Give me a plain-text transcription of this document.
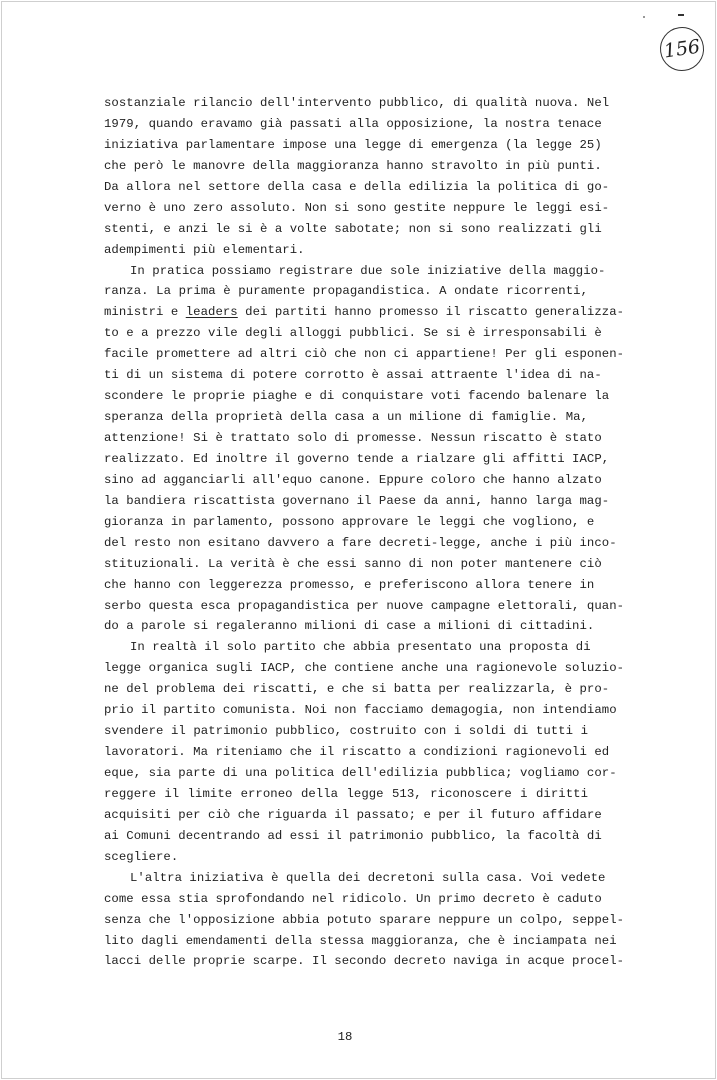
156
sostanziale rilancio dell'intervento pubblico, di qualità nuova. Nel
1979, quando eravamo già passati alla opposizione, la nostra tenace
iniziativa parlamentare impose una legge di emergenza (la legge 25)
che però le manovre della maggioranza hanno stravolto in più punti.
Da allora nel settore della casa e della edilizia la politica di go-
verno è uno zero assoluto. Non si sono gestite neppure le leggi esi-
stenti, e anzi le si è a volte sabotate; non si sono realizzati gli
adempimenti più elementari.
In pratica possiamo registrare due sole iniziative della maggio-
ranza. La prima è puramente propagandistica. A ondate ricorrenti,
ministri e leaders dei partiti hanno promesso il riscatto generalizza-
to e a prezzo vile degli alloggi pubblici. Se si è irresponsabili è
facile promettere ad altri ciò che non ci appartiene! Per gli esponen-
ti di un sistema di potere corrotto è assai attraente l'idea di na-
scondere le proprie piaghe e di conquistare voti facendo balenare la
speranza della proprietà della casa a un milione di famiglie. Ma,
attenzione! Si è trattato solo di promesse. Nessun riscatto è stato
realizzato. Ed inoltre il governo tende a rialzare gli affitti IACP,
sino ad agganciarli all'equo canone. Eppure coloro che hanno alzato
la bandiera riscattista governano il Paese da anni, hanno larga mag-
gioranza in parlamento, possono approvare le leggi che vogliono, e
del resto non esitano davvero a fare decreti-legge, anche i più inco-
stituzionali. La verità è che essi sanno di non poter mantenere ciò
che hanno con leggerezza promesso, e preferiscono allora tenere in
serbo questa esca propagandistica per nuove campagne elettorali, quan-
do a parole si regaleranno milioni di case a milioni di cittadini.
In realtà il solo partito che abbia presentato una proposta di
legge organica sugli IACP, che contiene anche una ragionevole soluzio-
ne del problema dei riscatti, e che si batta per realizzarla, è pro-
prio il partito comunista. Noi non facciamo demagogia, non intendiamo
svendere il patrimonio pubblico, costruito con i soldi di tutti i
lavoratori. Ma riteniamo che il riscatto a condizioni ragionevoli ed
eque, sia parte di una politica dell'edilizia pubblica; vogliamo cor-
reggere il limite erroneo della legge 513, riconoscere i diritti
acquisiti per ciò che riguarda il passato; e per il futuro affidare
ai Comuni decentrando ad essi il patrimonio pubblico, la facoltà di
scegliere.
L'altra iniziativa è quella dei decretoni sulla casa. Voi vedete
come essa stia sprofondando nel ridicolo. Un primo decreto è caduto
senza che l'opposizione abbia potuto sparare neppure un colpo, seppel-
lito dagli emendamenti della stessa maggioranza, che è inciampata nei
lacci delle proprie scarpe. Il secondo decreto naviga in acque procel-
18
